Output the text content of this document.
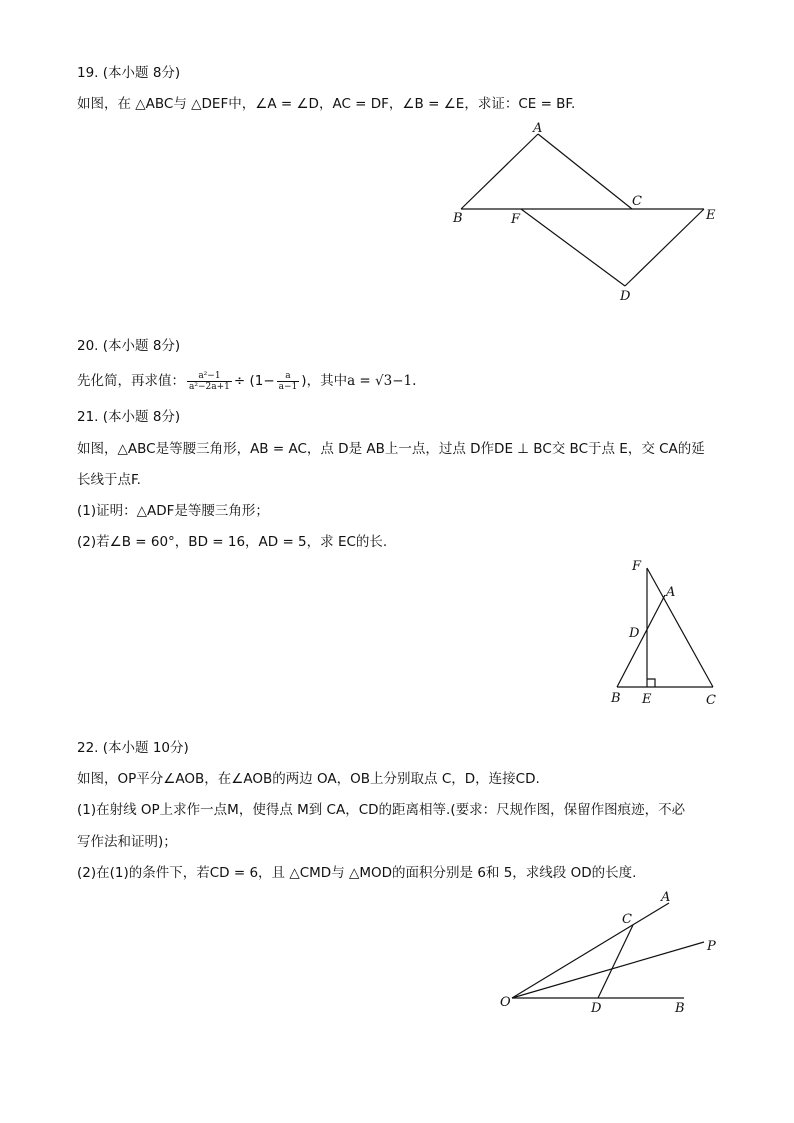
19. (本小题 8分)
如图，在 △ABC与 △DEF中，∠A = ∠D，AC = DF，∠B = ∠E，求证：CE = BF.
A
B
C
D
E
F
20. (本小题 8分)
先化简，再求值： $\frac{\text{a²−1}}{\text{a²−2a+1}} \div (1- \frac{a}{a-1}$ )，其中a = √3−1.
21. (本小题 8分)
如图，△ABC是等腰三角形，AB = AC，点 D是 AB上一点，过点 D作DE ⊥ BC交 BC于点 E，交 CA的延
长线于点F.
(1)证明：△ADF是等腰三角形；
(2)若∠B = 60°，BD = 16，AD = 5，求 EC的长.
F
A
D
B E	C
22. (本小题 10分)
如图，OP平分∠AOB，在∠AOB的两边 OA，OB上分别取点 C，D，连接CD.
(1)在射线 OP上求作一点M，使得点 M到 CA，CD的距离相等.(要求：尺规作图，保留作图痕迹，不必
写作法和证明)；
(2)在(1)的条件下，若CD = 6，且 △CMD与 △MOD的面积分别是 6和 5，求线段 OD的长度.
A
C
P
O	D	B
